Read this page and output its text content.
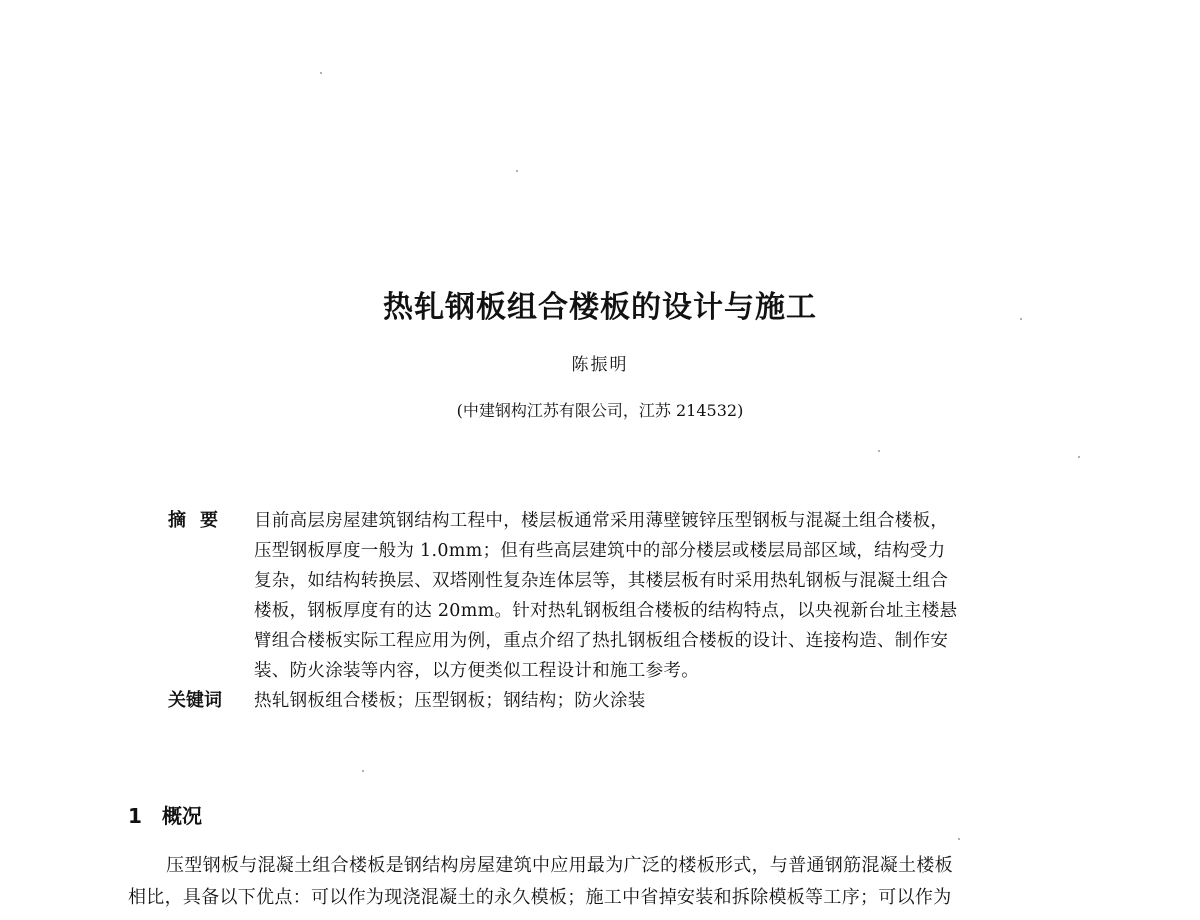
热轧钢板组合楼板的设计与施工
陈振明
(中建钢构江苏有限公司，江苏 214532)
摘要	目前高层房屋建筑钢结构工程中，楼层板通常采用薄壁镀锌压型钢板与混凝土组合楼板，
压型钢板厚度一般为 1.0mm；但有些高层建筑中的部分楼层或楼层局部区域，结构受力
复杂，如结构转换层、双塔刚性复杂连体层等，其楼层板有时采用热轧钢板与混凝土组合
楼板，钢板厚度有的达 20mm。针对热轧钢板组合楼板的结构特点，以央视新台址主楼悬
臂组合楼板实际工程应用为例，重点介绍了热扎钢板组合楼板的设计、连接构造、制作安
装、防火涂装等内容，以方便类似工程设计和施工参考。
关键词	热轧钢板组合楼板；压型钢板；钢结构；防火涂装
1 概况
压型钢板与混凝土组合楼板是钢结构房屋建筑中应用最为广泛的楼板形式，与普通钢筋混凝土楼板
相比，具备以下优点：可以作为现浇混凝土的永久模板；施工中省掉安装和拆除模板等工序；可以作为
